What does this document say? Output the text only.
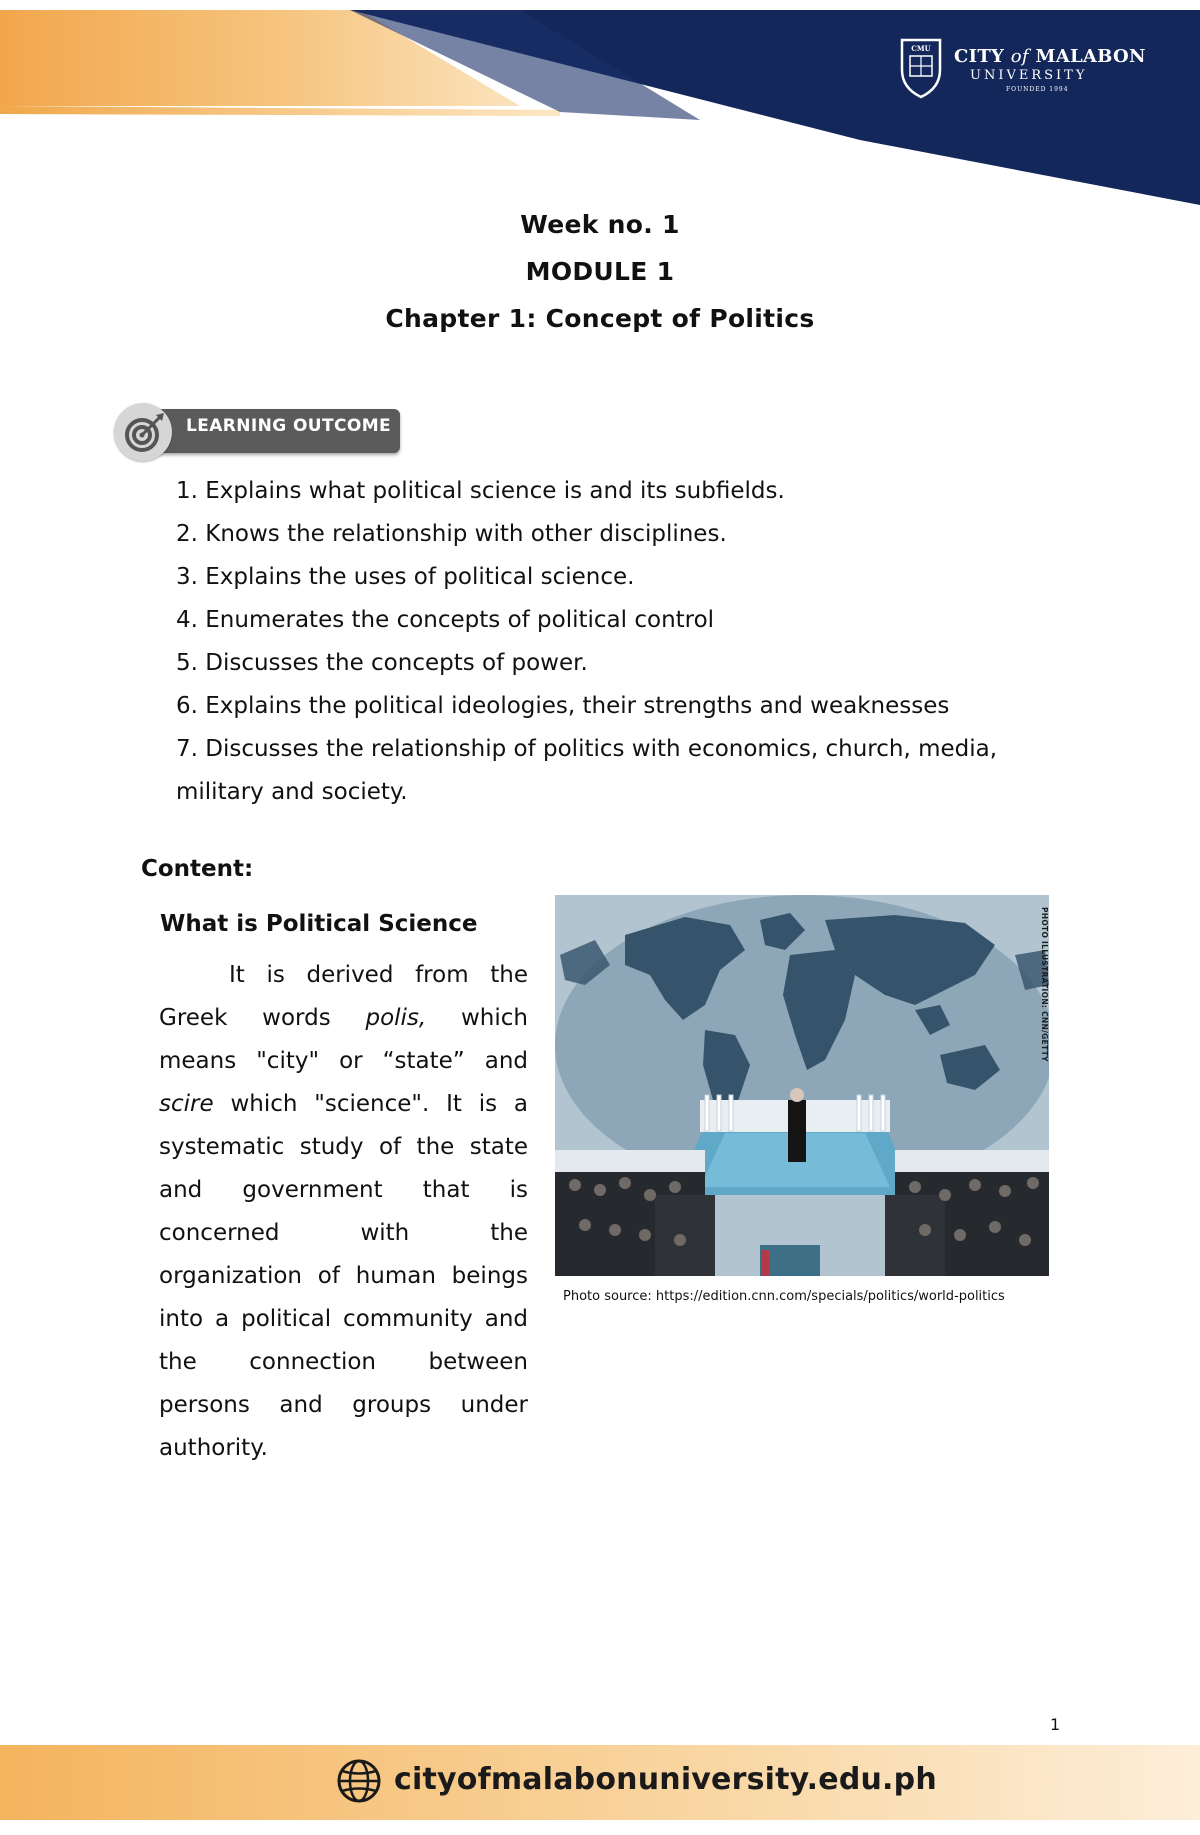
CMU CITY of MALABON
UNIVERSITY
FOUNDED 1994
Week no. 1
MODULE 1
Chapter 1: Concept of Politics
LEARNING OUTCOME
1. Explains what political science is and its subfields.
2. Knows the relationship with other disciplines.
3. Explains the uses of political science.
4. Enumerates the concepts of political control
5. Discusses the concepts of power.
6. Explains the political ideologies, their strengths and weaknesses
7. Discusses the relationship of politics with economics, church, media,
military and society.
Content:
What is Political Science

It is derived from the Greek words polis, which means "city" or “state” and scire which "science". It is a systematic study of the state and government that is concerned with the organization of human beings into a political community and the connection between persons and groups under authority.

PHOTO ILLUSTRATION: CNN/GETTY
Photo source: https://edition.cnn.com/specials/politics/world-politics
1
cityofmalabonuniversity.edu.ph
